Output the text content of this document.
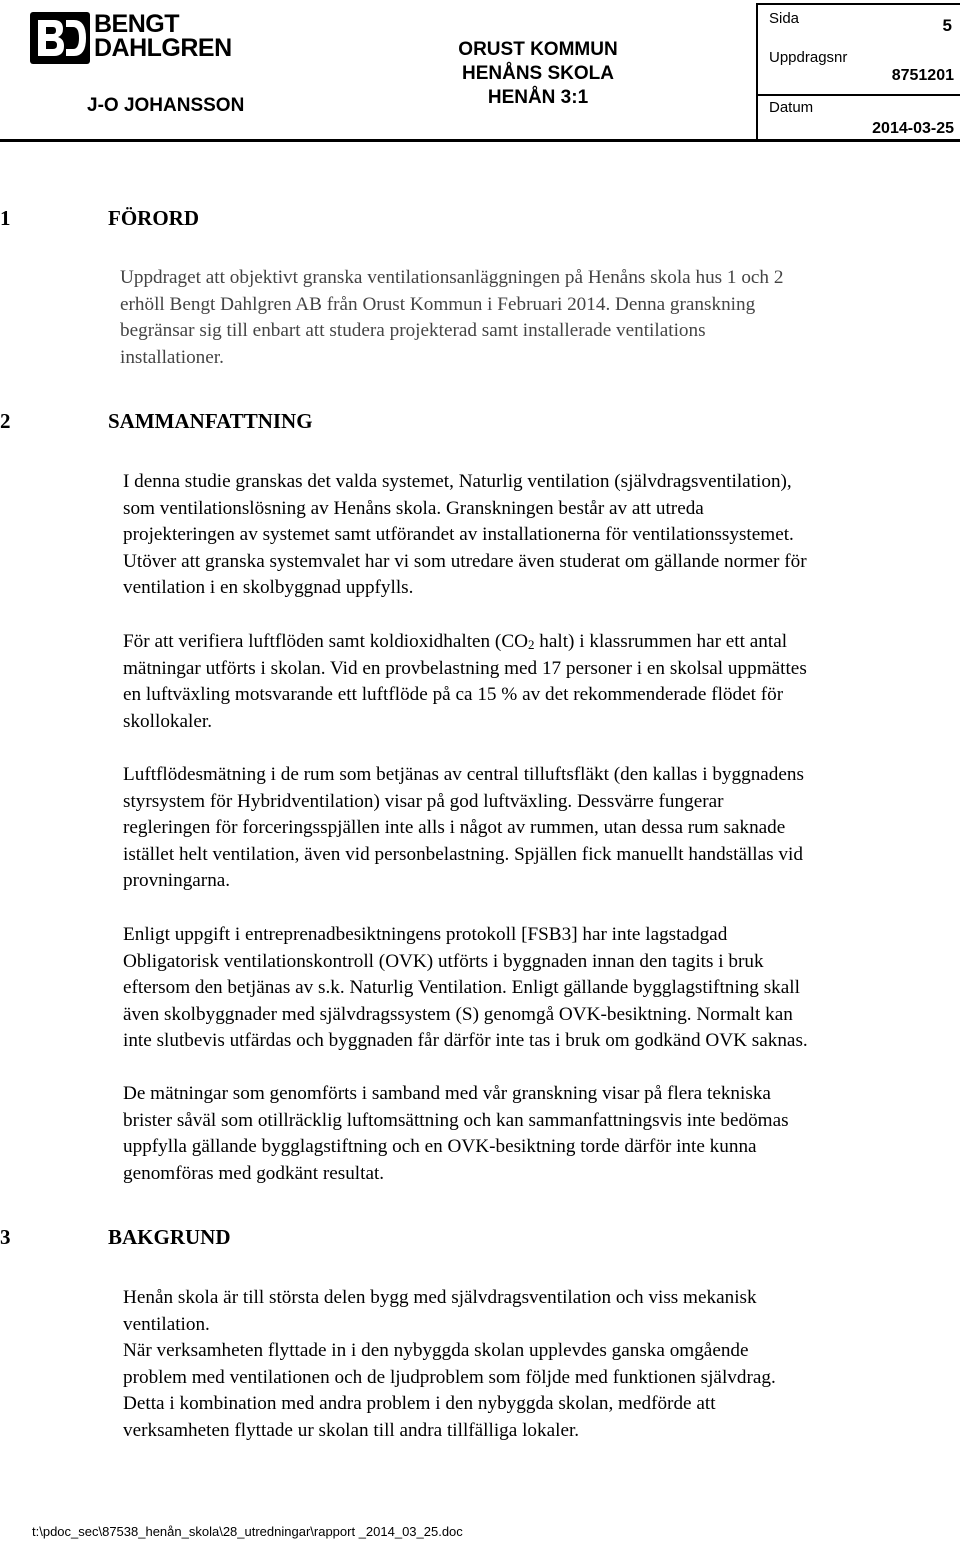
BENGT
DAHLGREN
J-O JOHANSSON
ORUST KOMMUN
HENÅNS SKOLA
HENÅN 3:1
Sida	5
Uppdragsnr
8751201
Datum
2014-03-25
1	FÖRORD
Uppdraget att objektivt granska ventilationsanläggningen på Henåns skola hus 1 och 2
erhöll Bengt Dahlgren AB från Orust Kommun i Februari 2014. Denna granskning
begränsar sig till enbart att studera projekterad samt installerade ventilations
installationer.
2	SAMMANFATTNING
I denna studie granskas det valda systemet, Naturlig ventilation (självdragsventilation),
som ventilationslösning av Henåns skola. Granskningen består av att utreda
projekteringen av systemet samt utförandet av installationerna för ventilationssystemet.
Utöver att granska systemvalet har vi som utredare även studerat om gällande normer för
ventilation i en skolbyggnad uppfylls.
För att verifiera luftflöden samt koldioxidhalten ($CO_2$ halt) i klassrummen har ett antal
mätningar utförts i skolan. Vid en provbelastning med 17 personer i en skolsal uppmättes
en luftväxling motsvarande ett luftflöde på ca 15 % av det rekommenderade flödet för
skollokaler.
Luftflödesmätning i de rum som betjänas av central tilluftsfläkt (den kallas i byggnadens
styrsystem för Hybridventilation) visar på god luftväxling. Dessvärre fungerar
regleringen för forceringsspjällen inte alls i något av rummen, utan dessa rum saknade
istället helt ventilation, även vid personbelastning. Spjällen fick manuellt handställas vid
provningarna.
Enligt uppgift i entreprenadbesiktningens protokoll [FSB3] har inte lagstadgad
Obligatorisk ventilationskontroll (OVK) utförts i byggnaden innan den tagits i bruk
eftersom den betjänas av s.k. Naturlig Ventilation. Enligt gällande bygglagstiftning skall
även skolbyggnader med självdragssystem (S) genomgå OVK-besiktning. Normalt kan
inte slutbevis utfärdas och byggnaden får därför inte tas i bruk om godkänd OVK saknas.
De mätningar som genomförts i samband med vår granskning visar på flera tekniska
brister såväl som otillräcklig luftomsättning och kan sammanfattningsvis inte bedömas
uppfylla gällande bygglagstiftning och en OVK-besiktning torde därför inte kunna
genomföras med godkänt resultat.
3	BAKGRUND
Henån skola är till största delen bygg med självdragsventilation och viss mekanisk
ventilation.
När verksamheten flyttade in i den nybyggda skolan upplevdes ganska omgående
problem med ventilationen och de ljudproblem som följde med funktionen självdrag.
Detta i kombination med andra problem i den nybyggda skolan, medförde att
verksamheten flyttade ur skolan till andra tillfälliga lokaler.
t:\pdoc_sec\87538_henån_skola\28_utredningar\rapport _2014_03_25.doc
